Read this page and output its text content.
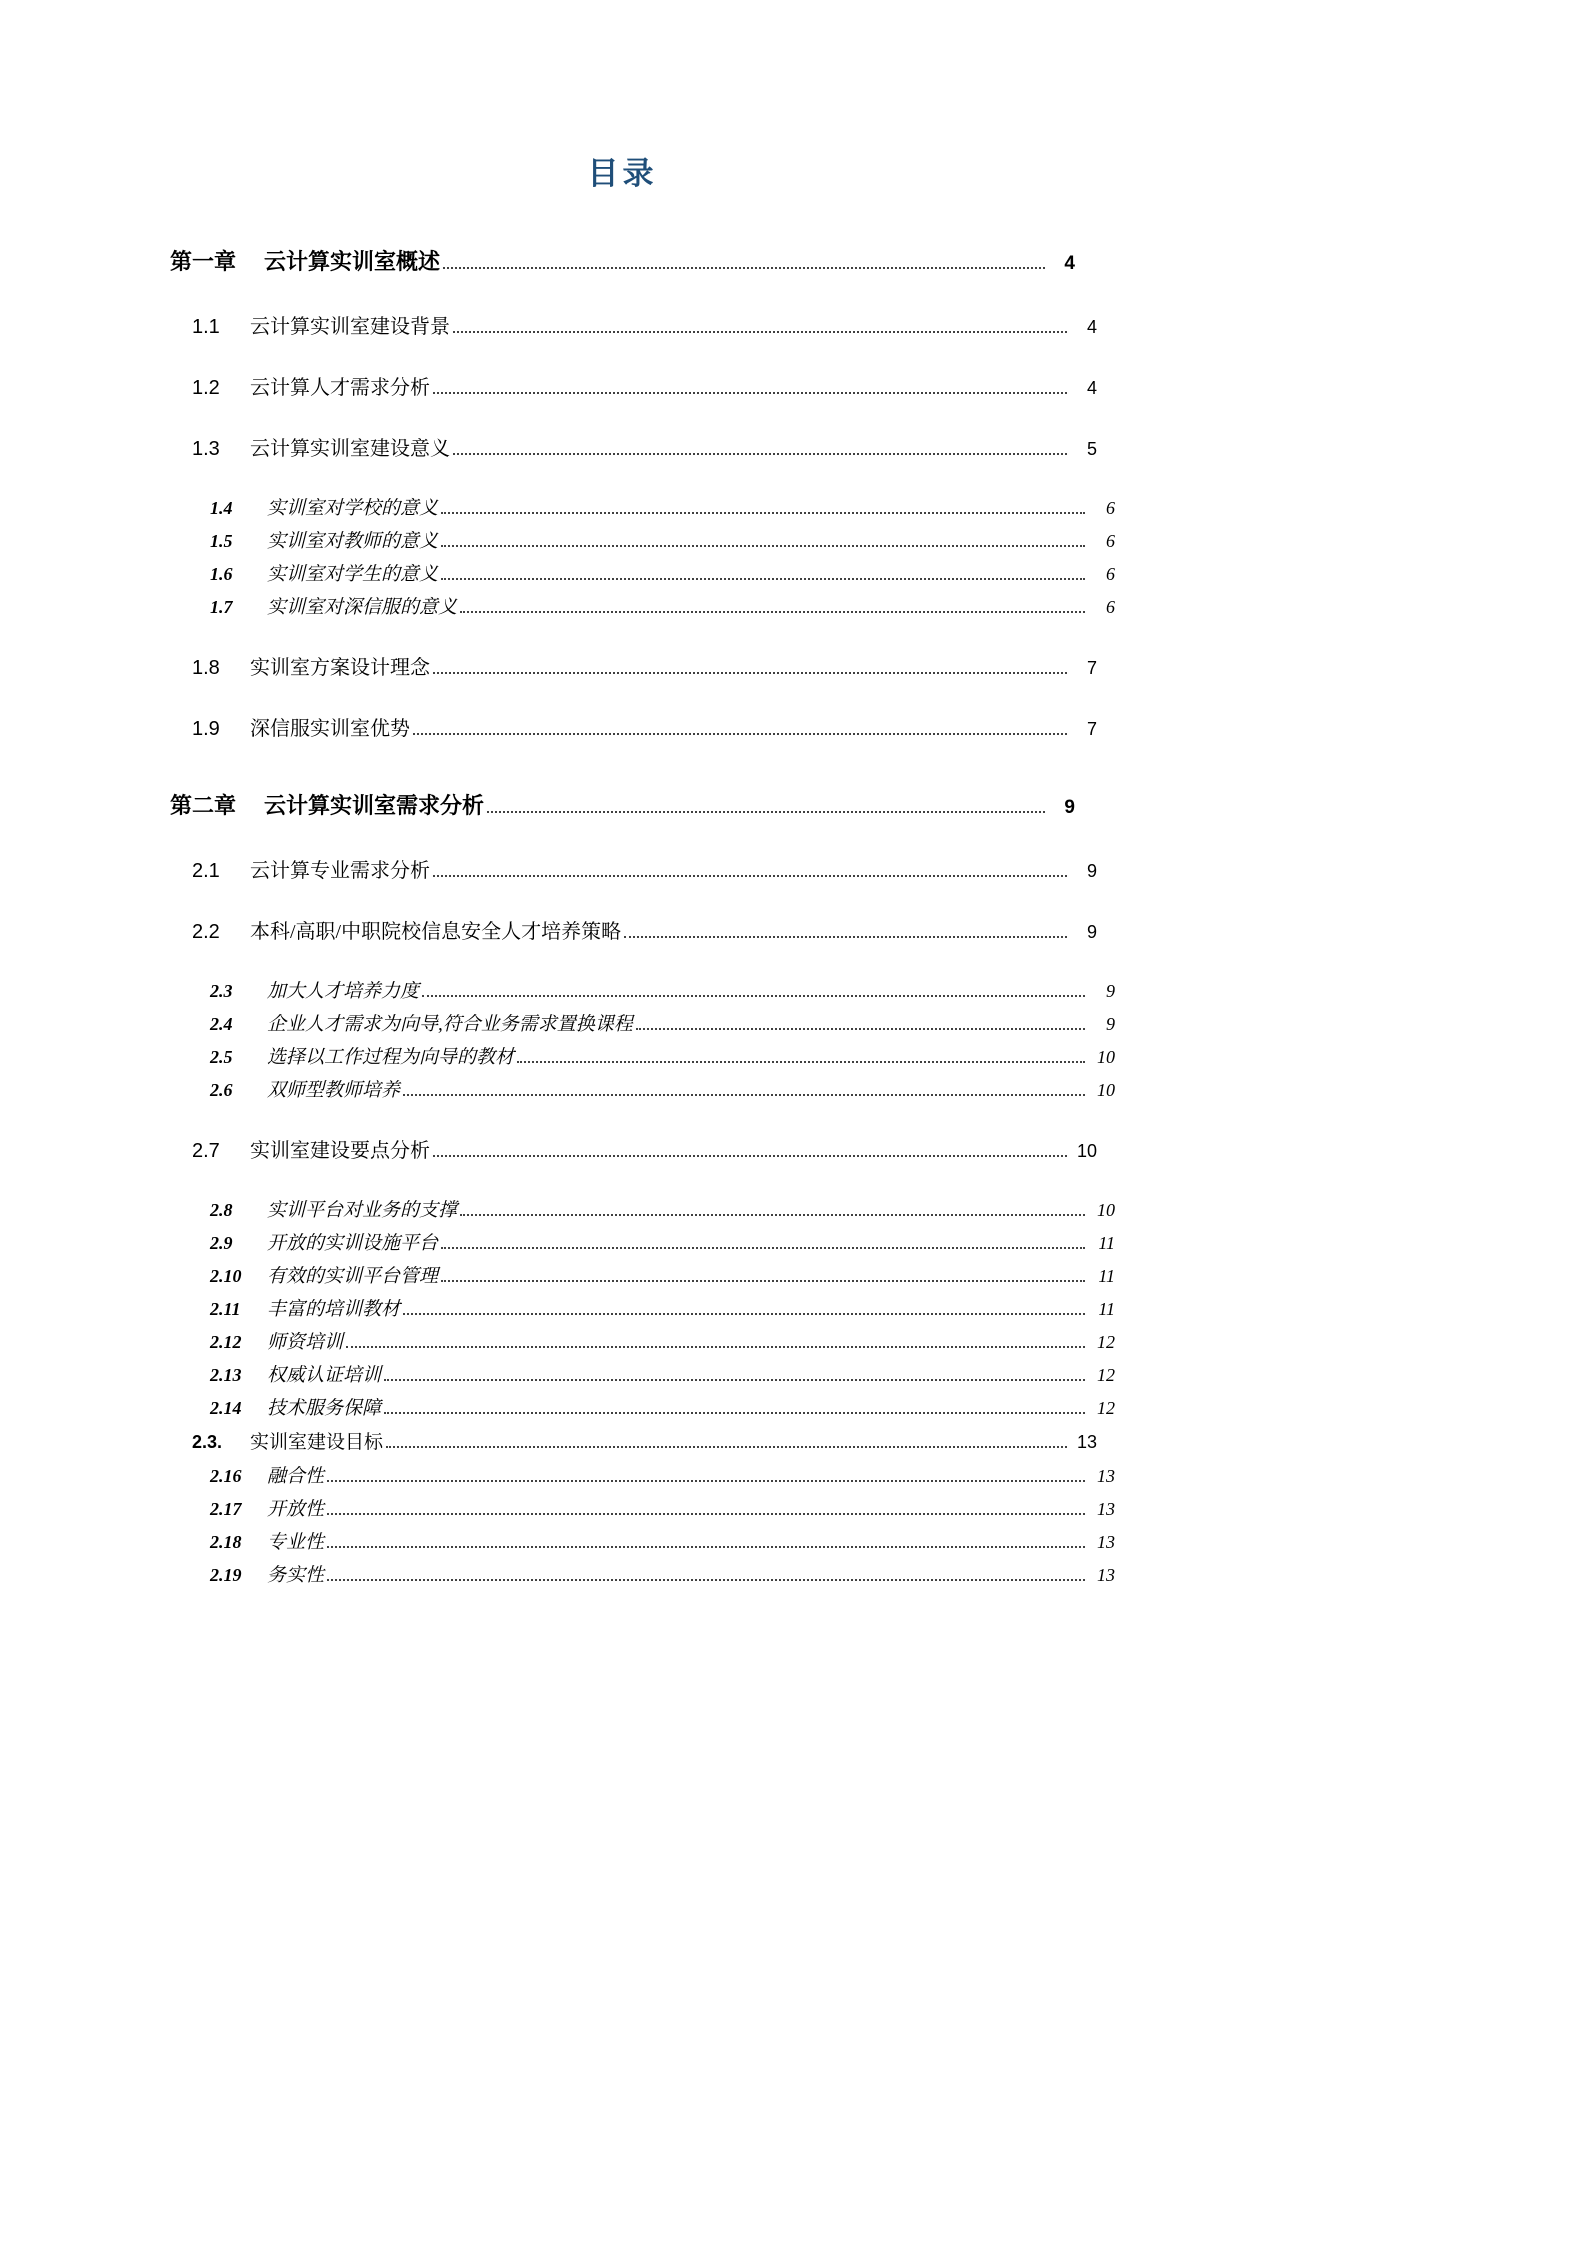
目录
第一章 云计算实训室概述	4
1.1	云计算实训室建设背景	4
1.2	云计算人才需求分析	4
1.3	云计算实训室建设意义	5
1.4	实训室对学校的意义	6
1.5	实训室对教师的意义	6
1.6	实训室对学生的意义	6
1.7	实训室对深信服的意义	6
1.8	实训室方案设计理念	7
1.9	深信服实训室优势	7
第二章 云计算实训室需求分析	9
2.1	云计算专业需求分析	9
2.2	本科/高职/中职院校信息安全人才培养策略	9
2.3	加大人才培养力度	9
2.4	企业人才需求为向导,符合业务需求置换课程	9
2.5	选择以工作过程为向导的教材	10
2.6	双师型教师培养	10
2.7	实训室建设要点分析	10
2.8	实训平台对业务的支撑	10
2.9	开放的实训设施平台	11
2.10	有效的实训平台管理	11
2.11	丰富的培训教材	11
2.12	师资培训	12
2.13	权威认证培训	12
2.14	技术服务保障	12
2.3.	实训室建设目标	13
2.16	融合性	13
2.17	开放性	13
2.18	专业性	13
2.19	务实性	13
